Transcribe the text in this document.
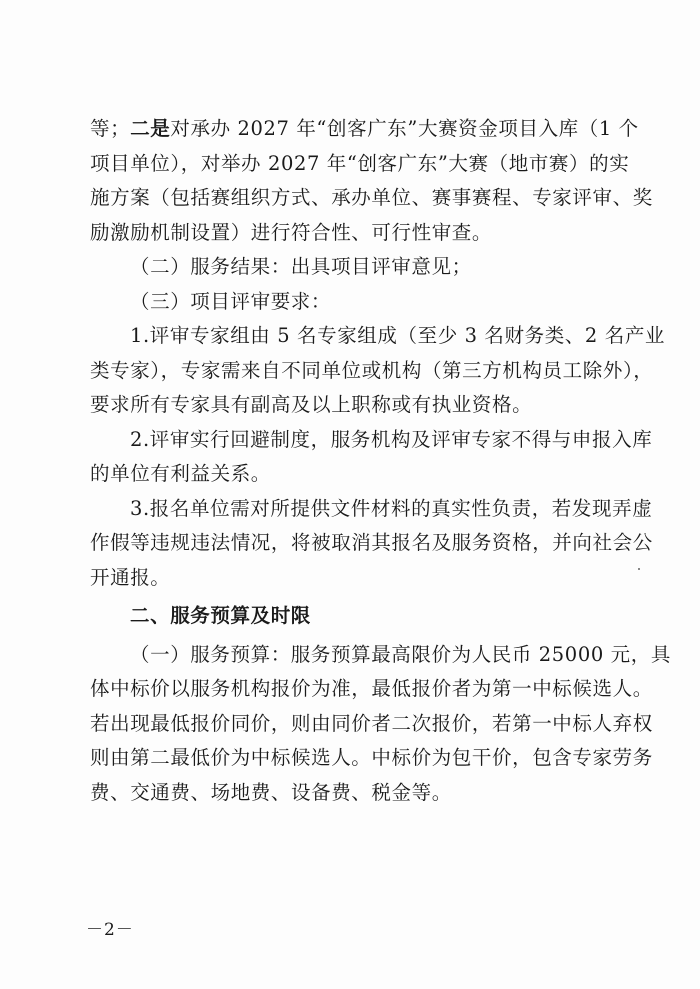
等；二是对承办 2027 年“创客广东”大赛资金项目入库（1 个
项目单位），对举办 2027 年“创客广东”大赛（地市赛）的实
施方案（包括赛组织方式、承办单位、赛事赛程、专家评审、奖
励激励机制设置）进行符合性、可行性审查。
（二）服务结果：出具项目评审意见；
（三）项目评审要求：
1.评审专家组由 5 名专家组成（至少 3 名财务类、2 名产业
类专家），专家需来自不同单位或机构（第三方机构员工除外），
要求所有专家具有副高及以上职称或有执业资格。
2.评审实行回避制度，服务机构及评审专家不得与申报入库
的单位有利益关系。
3.报名单位需对所提供文件材料的真实性负责，若发现弄虚
作假等违规违法情况，将被取消其报名及服务资格，并向社会公
开通报。
二、服务预算及时限
（一）服务预算：服务预算最高限价为人民币 25000 元，具
体中标价以服务机构报价为准，最低报价者为第一中标候选人。
若出现最低报价同价，则由同价者二次报价，若第一中标人弃权
则由第二最低价为中标候选人。中标价为包干价，包含专家劳务
费、交通费、场地费、设备费、税金等。
－2－
